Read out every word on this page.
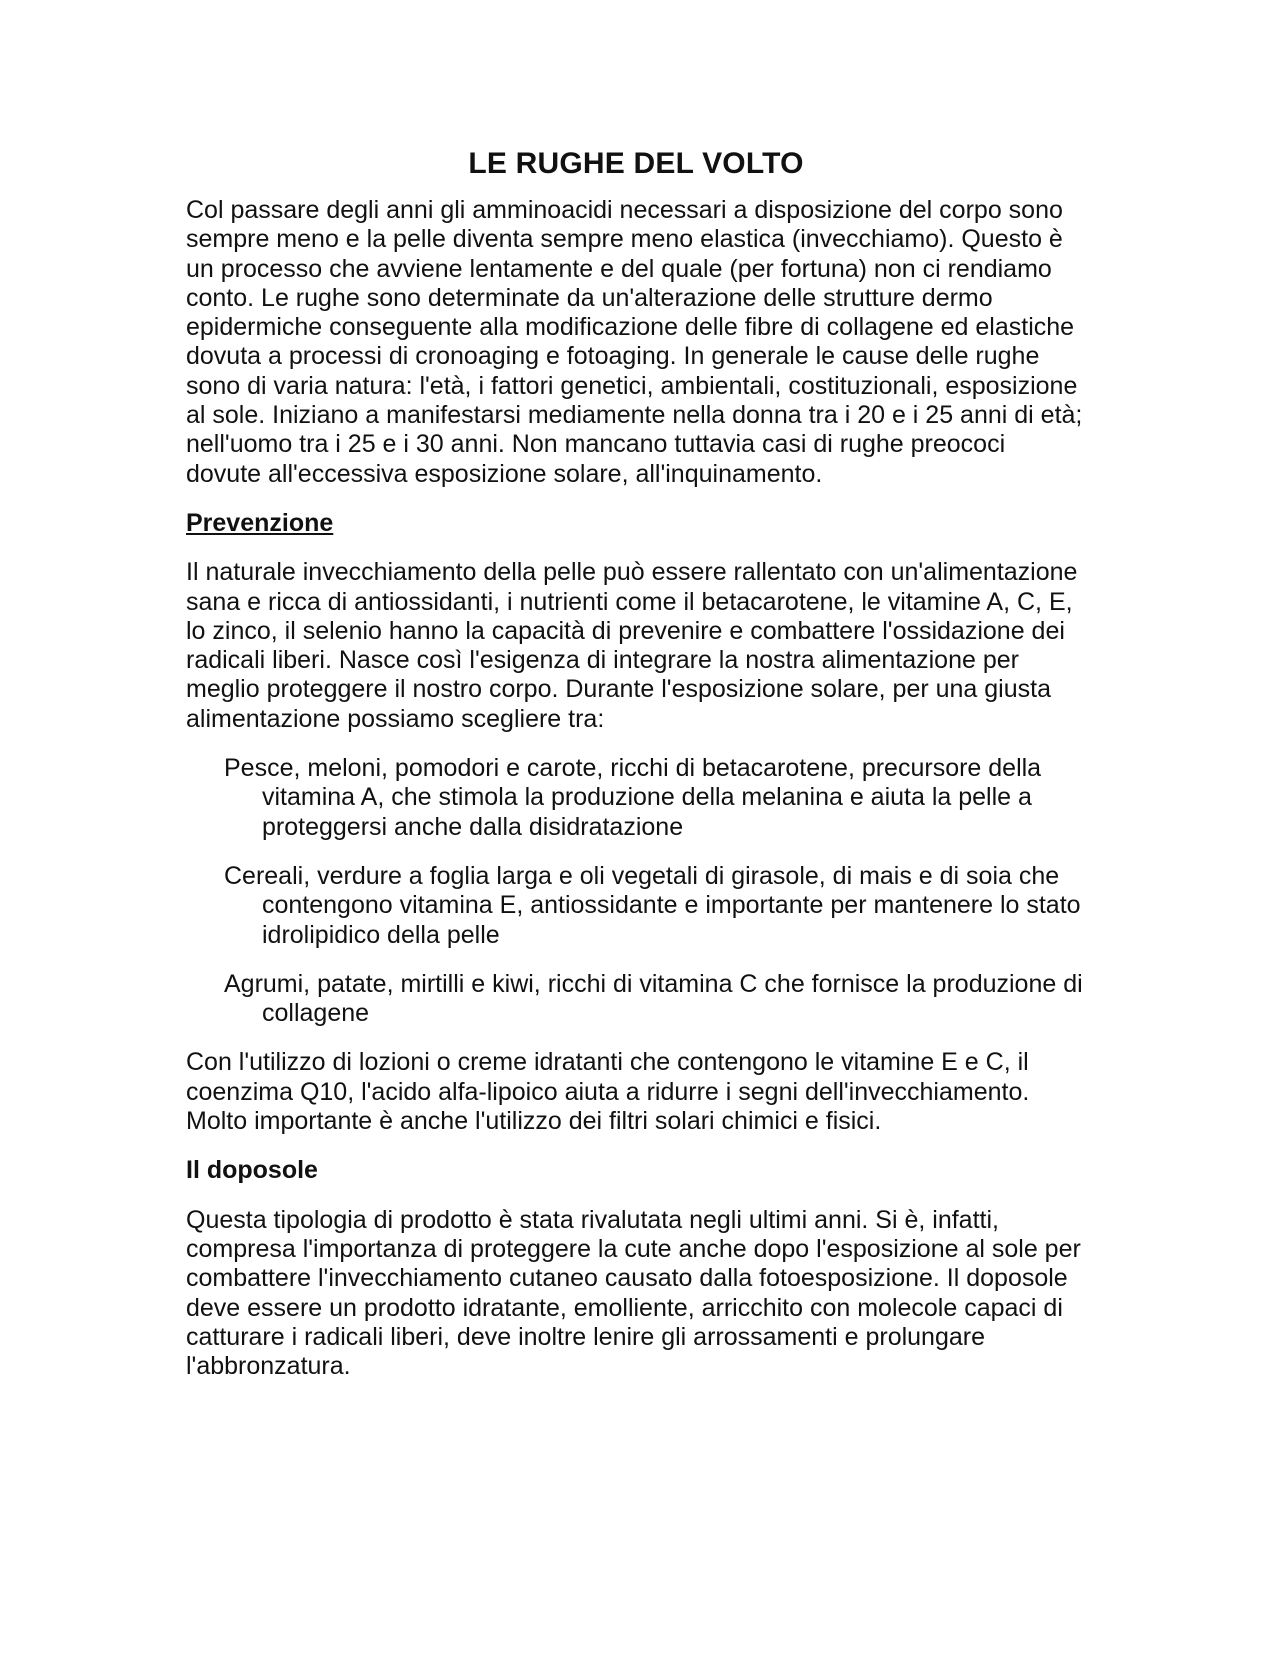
LE RUGHE DEL VOLTO

Col passare degli anni gli amminoacidi necessari a disposizione del corpo sono sempre meno e la pelle diventa sempre meno elastica (invecchiamo). Questo è un processo che avviene lentamente e del quale (per fortuna) non ci rendiamo conto. Le rughe sono determinate da un'alterazione delle strutture dermo epidermiche conseguente alla modificazione delle fibre di collagene ed elastiche dovuta a processi di cronoaging e fotoaging. In generale le cause delle rughe sono di varia natura: l'età, i fattori genetici, ambientali, costituzionali, esposizione al sole. Iniziano a manifestarsi mediamente nella donna tra i 20 e i 25 anni di età; nell'uomo tra i 25 e i 30 anni. Non mancano tuttavia casi di rughe preococi dovute all'eccessiva esposizione solare, all'inquinamento.

Prevenzione

Il naturale invecchiamento della pelle può essere rallentato con un'alimentazione sana e ricca di antiossidanti, i nutrienti come il betacarotene, le vitamine A, C, E, lo zinco, il selenio hanno la capacità di prevenire e combattere l'ossidazione dei radicali liberi. Nasce così l'esigenza di integrare la nostra alimentazione per meglio proteggere il nostro corpo. Durante l'esposizione solare, per una giusta alimentazione possiamo scegliere tra:

Pesce, meloni, pomodori e carote, ricchi di betacarotene, precursore della vitamina A, che stimola la produzione della melanina e aiuta la pelle a proteggersi anche dalla disidratazione
Cereali, verdure a foglia larga e oli vegetali di girasole, di mais e di soia che contengono vitamina E, antiossidante e importante per mantenere lo stato idrolipidico della pelle
Agrumi, patate, mirtilli e kiwi, ricchi di vitamina C che fornisce la produzione di collagene

Con l'utilizzo di lozioni o creme idratanti che contengono le vitamine E e C, il coenzima Q10, l'acido alfa-lipoico aiuta a ridurre i segni dell'invecchiamento. Molto importante è anche l'utilizzo dei filtri solari chimici e fisici.

Il doposole

Questa tipologia di prodotto è stata rivalutata negli ultimi anni. Si è, infatti, compresa l'importanza di proteggere la cute anche dopo l'esposizione al sole per combattere l'invecchiamento cutaneo causato dalla fotoesposizione. Il doposole deve essere un prodotto idratante, emolliente, arricchito con molecole capaci di catturare i radicali liberi, deve inoltre lenire gli arrossamenti e prolungare l'abbronzatura.
